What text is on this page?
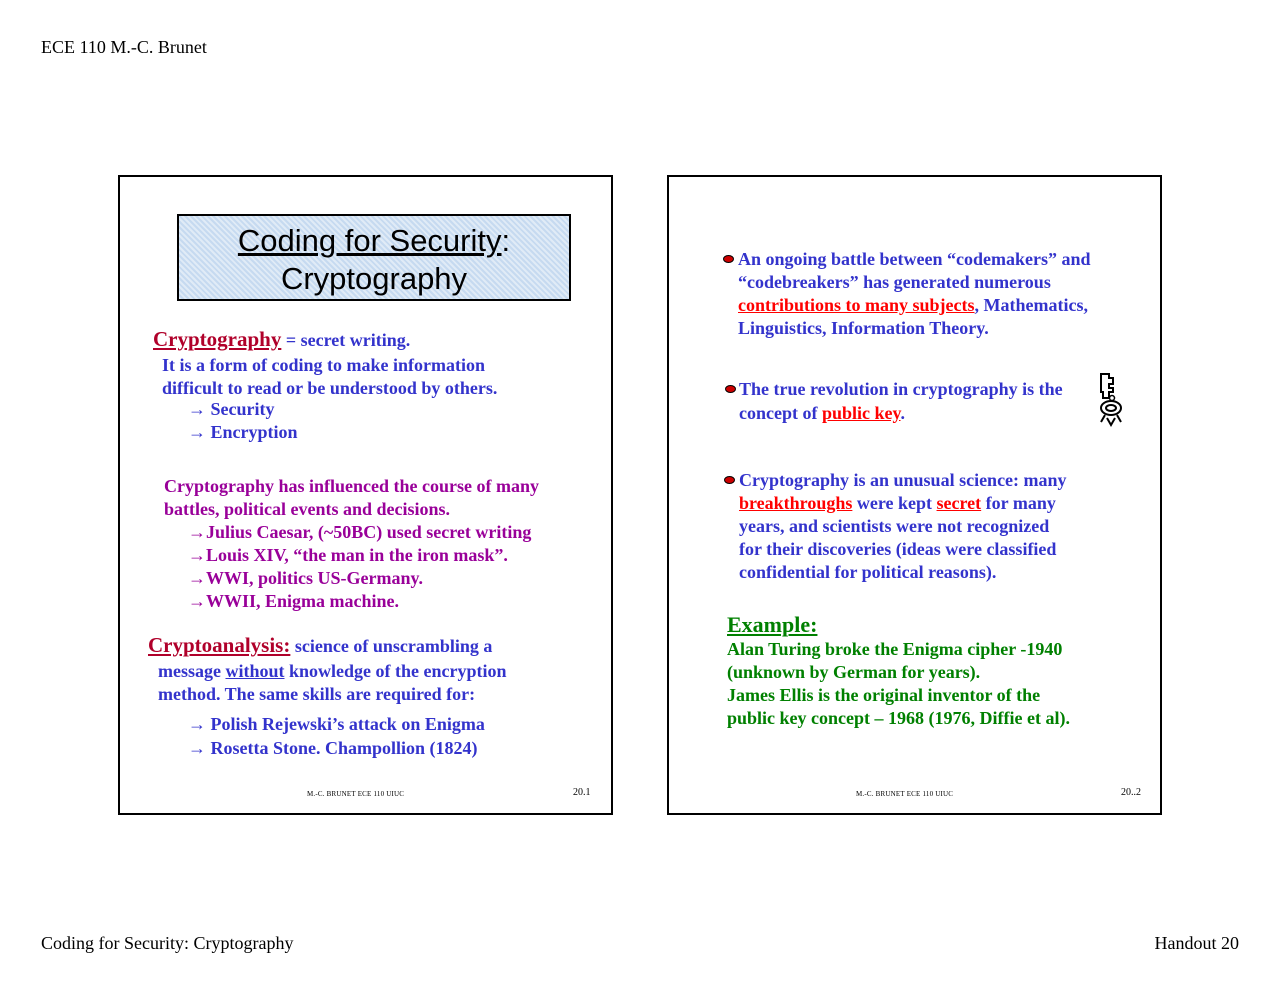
ECE 110 M.-C. Brunet
Coding for Security: Cryptography	Handout 20
Coding for Security:
Cryptography
Cryptography = secret writing.
It is a form of coding to make information
difficult to read or be understood by others.
→ Security
→ Encryption
Cryptography has influenced the course of many
battles, political events and decisions.
→Julius Caesar, (~50BC) used secret writing
→Louis XIV, “the man in the iron mask”.
→WWI, politics US-Germany.
→WWII, Enigma machine.
Cryptoanalysis: science of unscrambling a
message without knowledge of the encryption
method. The same skills are required for:
→ Polish Rejewski’s attack on Enigma
→ Rosetta Stone. Champollion (1824)
M.-C. BRUNET ECE 110 UIUC	20.1
An ongoing battle between “codemakers” and
“codebreakers” has generated numerous
contributions to many subjects, Mathematics,
Linguistics, Information Theory.
The true revolution in cryptography is the
concept of public key.
Cryptography is an unusual science: many
breakthroughs were kept secret for many
years, and scientists were not recognized
for their discoveries (ideas were classified
confidential for political reasons).
Example:
Alan Turing broke the Enigma cipher -1940
(unknown by German for years).
James Ellis is the original inventor of the
public key concept – 1968 (1976, Diffie et al).
M.-C. BRUNET ECE 110 UIUC	20..2
